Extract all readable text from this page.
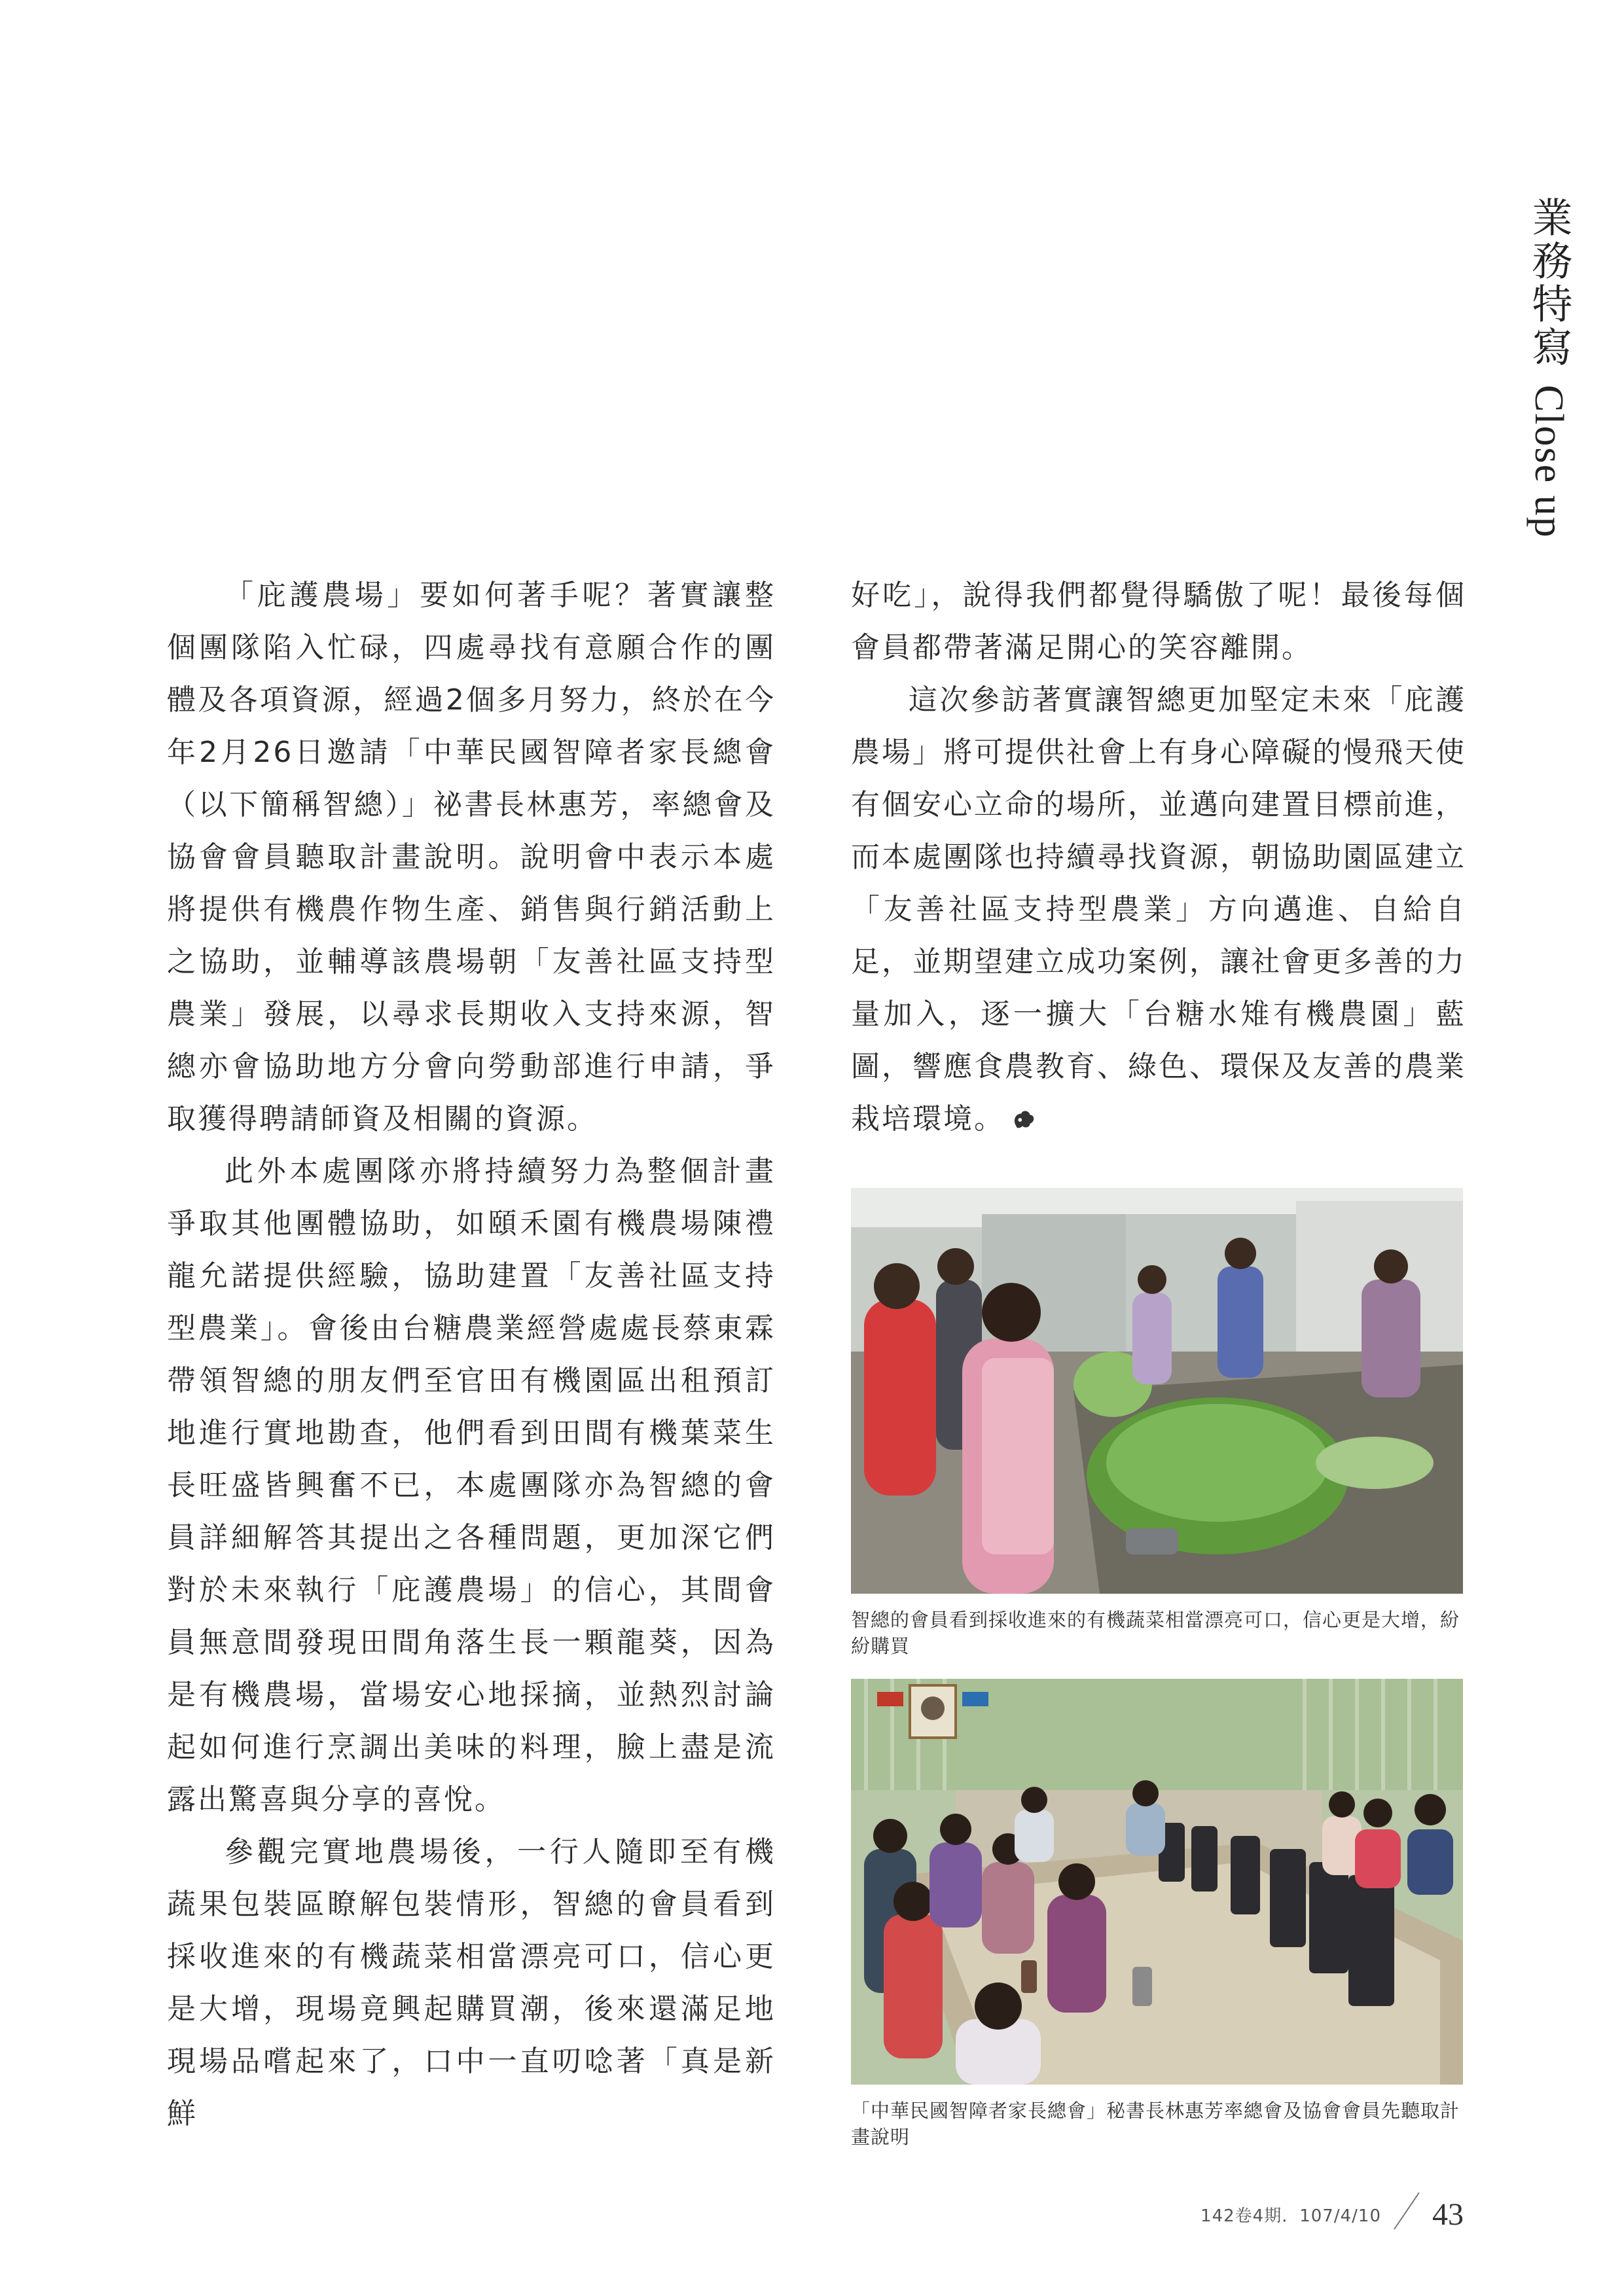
業務特寫Close up

「庇護農場」要如何著手呢？著實讓整個團隊陷入忙碌，四處尋找有意願合作的團體及各項資源，經過2個多月努力，終於在今年2月26日邀請「中華民國智障者家長總會（以下簡稱智總）」祕書長林惠芳，率總會及協會會員聽取計畫說明。說明會中表示本處將提供有機農作物生產、銷售與行銷活動上之協助，並輔導該農場朝「友善社區支持型農業」發展，以尋求長期收入支持來源，智總亦會協助地方分會向勞動部進行申請，爭取獲得聘請師資及相關的資源。

此外本處團隊亦將持續努力為整個計畫爭取其他團體協助，如頤禾園有機農場陳禮龍允諾提供經驗，協助建置「友善社區支持型農業」。會後由台糖農業經營處處長蔡東霖帶領智總的朋友們至官田有機園區出租預訂地進行實地勘查，他們看到田間有機葉菜生長旺盛皆興奮不已，本處團隊亦為智總的會員詳細解答其提出之各種問題，更加深它們對於未來執行「庇護農場」的信心，其間會員無意間發現田間角落生長一顆龍葵，因為是有機農場，當場安心地採摘，並熱烈討論起如何進行烹調出美味的料理，臉上盡是流露出驚喜與分享的喜悅。

參觀完實地農場後，一行人隨即至有機蔬果包裝區瞭解包裝情形，智總的會員看到採收進來的有機蔬菜相當漂亮可口，信心更是大增，現場竟興起購買潮，後來還滿足地現場品嚐起來了，口中一直叨唸著「真是新鮮

好吃」，說得我們都覺得驕傲了呢！最後每個會員都帶著滿足開心的笑容離開。

這次參訪著實讓智總更加堅定未來「庇護農場」將可提供社會上有身心障礙的慢飛天使有個安心立命的場所，並邁向建置目標前進，而本處團隊也持續尋找資源，朝協助園區建立「友善社區支持型農業」方向邁進、自給自足，並期望建立成功案例，讓社會更多善的力量加入，逐一擴大「台糖水雉有機農園」藍圖，響應食農教育、綠色、環保及友善的農業栽培環境。

智總的會員看到採收進來的有機蔬菜相當漂亮可口，信心更是大增，紛紛購買
「中華民國智障者家長總會」秘書長林惠芳率總會及協會會員先聽取計畫說明
142卷4期．107/4/10 43
